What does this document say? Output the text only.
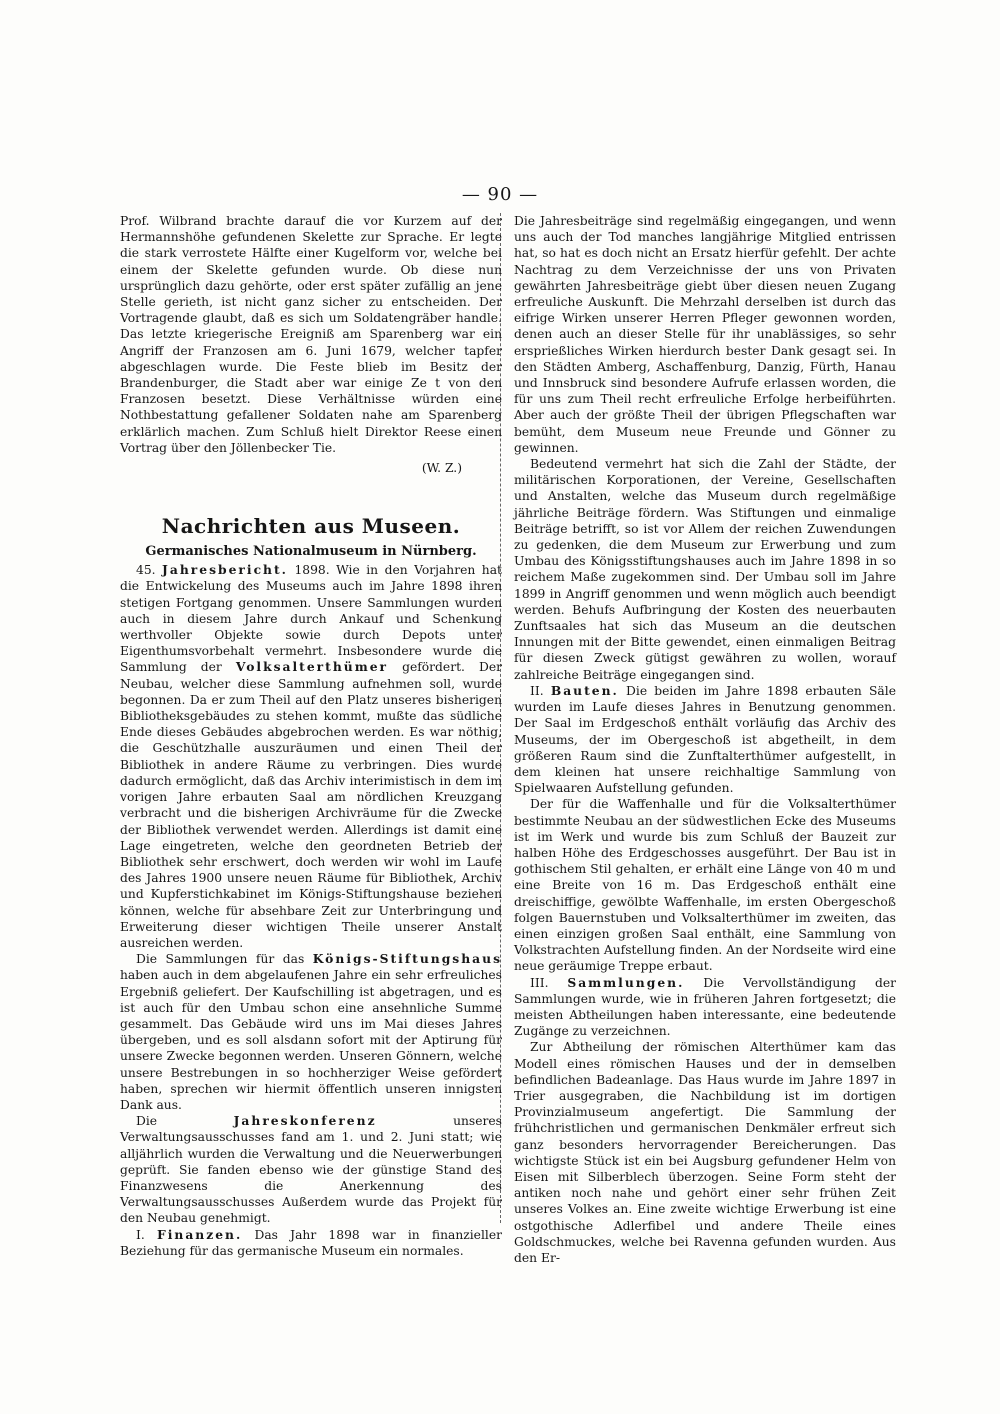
— 90 —

Prof. Wilbrand brachte darauf die vor Kurzem auf der Hermannshöhe gefundenen Skelette zur Sprache. Er legte die stark verrostete Hälfte einer Kugelform vor, welche bei einem der Skelette gefunden wurde. Ob diese nun ursprünglich dazu gehörte, oder erst später zufällig an jene Stelle gerieth, ist nicht ganz sicher zu entscheiden. Der Vortragende glaubt, daß es sich um Soldatengräber handle. Das letzte kriegerische Ereigniß am Sparenberg war ein Angriff der Franzosen am 6. Juni 1679, welcher tapfer abgeschlagen wurde. Die Feste blieb im Besitz der Brandenburger, die Stadt aber war einige Ze t von den Franzosen besetzt. Diese Verhältnisse würden eine Nothbestattung gefallener Soldaten nahe am Sparenberg erklärlich machen. Zum Schluß hielt Direktor Reese einen Vortrag über den Jöllenbecker Tie.

(W. Z.)

Nachrichten aus Museen.
Germanisches Nationalmuseum in Nürnberg.

45. Jahresbericht. 1898. Wie in den Vorjahren hat die Entwickelung des Museums auch im Jahre 1898 ihren stetigen Fortgang genommen. Unsere Sammlungen wurden auch in diesem Jahre durch Ankauf und Schenkung werthvoller Objekte sowie durch Depots unter Eigenthumsvorbehalt vermehrt. Insbesondere wurde die Sammlung der Volksalterthümer gefördert. Der Neubau, welcher diese Sammlung aufnehmen soll, wurde begonnen. Da er zum Theil auf den Platz unseres bisherigen Bibliotheksgebäudes zu stehen kommt, mußte das südliche Ende dieses Gebäudes abgebrochen werden. Es war nöthig, die Geschützhalle auszuräumen und einen Theil der Bibliothek in andere Räume zu verbringen. Dies wurde dadurch ermöglicht, daß das Archiv interimistisch in dem im vorigen Jahre erbauten Saal am nördlichen Kreuzgang verbracht und die bisherigen Archivräume für die Zwecke der Bibliothek verwendet werden. Allerdings ist damit eine Lage eingetreten, welche den geordneten Betrieb der Bibliothek sehr erschwert, doch werden wir wohl im Laufe des Jahres 1900 unsere neuen Räume für Bibliothek, Archiv und Kupferstichkabinet im Königs-Stiftungshause beziehen können, welche für absehbare Zeit zur Unterbringung und Erweiterung dieser wichtigen Theile unserer Anstalt ausreichen werden.

Die Sammlungen für das Königs-Stiftungshaus haben auch in dem abgelaufenen Jahre ein sehr erfreuliches Ergebniß geliefert. Der Kaufschilling ist abgetragen, und es ist auch für den Umbau schon eine ansehnliche Summe gesammelt. Das Gebäude wird uns im Mai dieses Jahres übergeben, und es soll alsdann sofort mit der Aptirung für unsere Zwecke begonnen werden. Unseren Gönnern, welche unsere Bestrebungen in so hochherziger Weise gefördert haben, sprechen wir hiermit öffentlich unseren innigsten Dank aus.

Die	Jahreskonferenz	unseres Verwaltungsausschusses fand am 1. und 2. Juni statt; wie alljährlich wurden die Verwaltung und die Neuerwerbungen geprüft. Sie fanden ebenso wie der günstige Stand des Finanzwesens die Anerkennung des Verwaltungsausschusses Außerdem wurde das Projekt für den Neubau genehmigt.

I. Finanzen. Das Jahr 1898 war in finanzieller Beziehung für das germanische Museum ein normales.

Die Jahresbeiträge sind regelmäßig eingegangen, und wenn uns auch der Tod manches langjährige Mitglied entrissen hat, so hat es doch nicht an Ersatz hierfür gefehlt. Der achte Nachtrag zu dem Verzeichnisse der uns von Privaten gewährten Jahresbeiträge giebt über diesen neuen Zugang erfreuliche Auskunft. Die Mehrzahl derselben ist durch das eifrige Wirken unserer Herren Pfleger gewonnen worden, denen auch an dieser Stelle für ihr unablässiges, so sehr ersprießliches Wirken hierdurch bester Dank gesagt sei. In den Städten Amberg, Aschaffenburg, Danzig, Fürth, Hanau und Innsbruck sind besondere Aufrufe erlassen worden, die für uns zum Theil recht erfreuliche Erfolge herbeiführten. Aber auch der größte Theil der übrigen Pflegschaften war bemüht, dem Museum neue Freunde und Gönner zu gewinnen.

Bedeutend vermehrt hat sich die Zahl der Städte, der militärischen Korporationen, der Vereine, Gesellschaften und Anstalten, welche das Museum durch regelmäßige jährliche Beiträge fördern. Was Stiftungen und einmalige Beiträge betrifft, so ist vor Allem der reichen Zuwendungen zu gedenken, die dem Museum zur Erwerbung und zum Umbau des Königsstiftungshauses auch im Jahre 1898 in so reichem Maße zugekommen sind. Der Umbau soll im Jahre 1899 in Angriff genommen und wenn möglich auch beendigt werden. Behufs Aufbringung der Kosten des neuerbauten Zunftsaales hat sich das Museum an die deutschen Innungen mit der Bitte gewendet, einen einmaligen Beitrag für diesen Zweck gütigst gewähren zu wollen, worauf zahlreiche Beiträge eingegangen sind.

II. Bauten. Die beiden im Jahre 1898 erbauten Säle wurden im Laufe dieses Jahres in Benutzung genommen. Der Saal im Erdgeschoß enthält vorläufig das Archiv des Museums, der im Obergeschoß ist abgetheilt, in dem größeren Raum sind die Zunftalterthümer aufgestellt, in dem kleinen hat unsere reichhaltige Sammlung von Spielwaaren Aufstellung gefunden.

Der für die Waffenhalle und für die Volksalterthümer bestimmte Neubau an der südwestlichen Ecke des Museums ist im Werk und wurde bis zum Schluß der Bauzeit zur halben Höhe des Erdgeschosses ausgeführt. Der Bau ist in gothischem Stil gehalten, er erhält eine Länge von 40 m und eine Breite von 16 m. Das Erdgeschoß enthält eine dreischiffige, gewölbte Waffenhalle, im ersten Obergeschoß folgen Bauernstuben und Volksalterthümer im zweiten, das einen einzigen großen Saal enthält, eine Sammlung von Volkstrachten Aufstellung finden. An der Nordseite wird eine neue geräumige Treppe erbaut.

III. Sammlungen. Die Vervollständigung der Sammlungen wurde, wie in früheren Jahren fortgesetzt; die meisten Abtheilungen haben interessante, eine bedeutende Zugänge zu verzeichnen.

Zur Abtheilung der römischen Alterthümer kam das Modell eines römischen Hauses und der in demselben befindlichen Badeanlage. Das Haus wurde im Jahre 1897 in Trier ausgegraben, die Nachbildung ist im dortigen Provinzialmuseum angefertigt. Die Sammlung der frühchristlichen und germanischen Denkmäler erfreut sich ganz besonders hervorragender Bereicherungen. Das wichtigste Stück ist ein bei Augsburg gefundener Helm von Eisen mit Silberblech überzogen. Seine Form steht der antiken noch nahe und gehört einer sehr frühen Zeit unseres Volkes an. Eine zweite wichtige Erwerbung ist eine ostgothische Adlerfibel und andere Theile eines Goldschmuckes, welche bei Ravenna gefunden wurden. Aus den Er-
